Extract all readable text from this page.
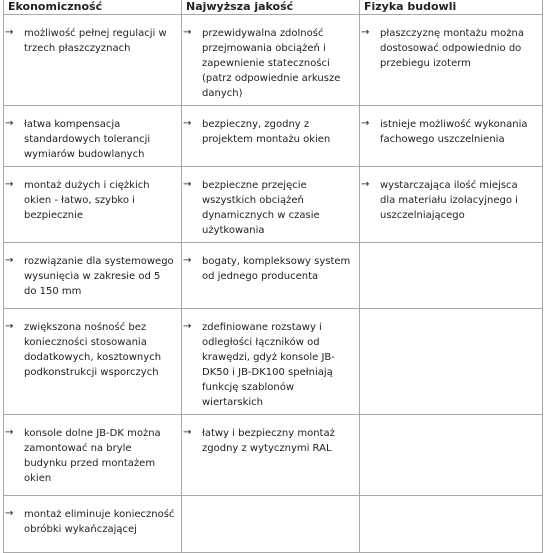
Ekonomiczność	Najwyższa jakość	Fizyka budowli

→ możliwość pełnej regulacji w trzech płaszczyznach	→ przewidywalna zdolność przejmowania obciążeń i zapewnienie stateczności (patrz odpowiednie arkusze danych)	→ płaszczyznę montażu można dostosować odpowiednio do przebiegu izoterm

→ łatwa kompensacja standardowych tolerancji wymiarów budowlanych	→ bezpieczny, zgodny z projektem montażu okien	→ istnieje możliwość wykonania fachowego uszczelnienia

→ montaż dużych i ciężkich okien - łatwo, szybko i bezpiecznie	→ bezpieczne przejęcie wszystkich obciążeń dynamicznych w czasie użytkowania	→ wystarczająca ilość miejsca dla materiału izolacyjnego i uszczelniającego

→ rozwiązanie dla systemowego wysunięcia w zakresie od 5 do 150 mm	→ bogaty, kompleksowy system od jednego producenta	

→ zwiększona nośność bez konieczności stosowania dodatkowych, kosztownych podkonstrukcji wsporczych	→ zdefiniowane rozstawy i odległości łączników od krawędzi, gdyż konsole JB-DK50 i JB-DK100 spełniają funkcję szablonów wiertarskich	

→ konsole dolne JB-DK można zamontować na bryle budynku przed montażem okien	→ łatwy i bezpieczny montaż zgodny z wytycznymi RAL	

→ montaż eliminuje konieczność obróbki wykańczającej		
